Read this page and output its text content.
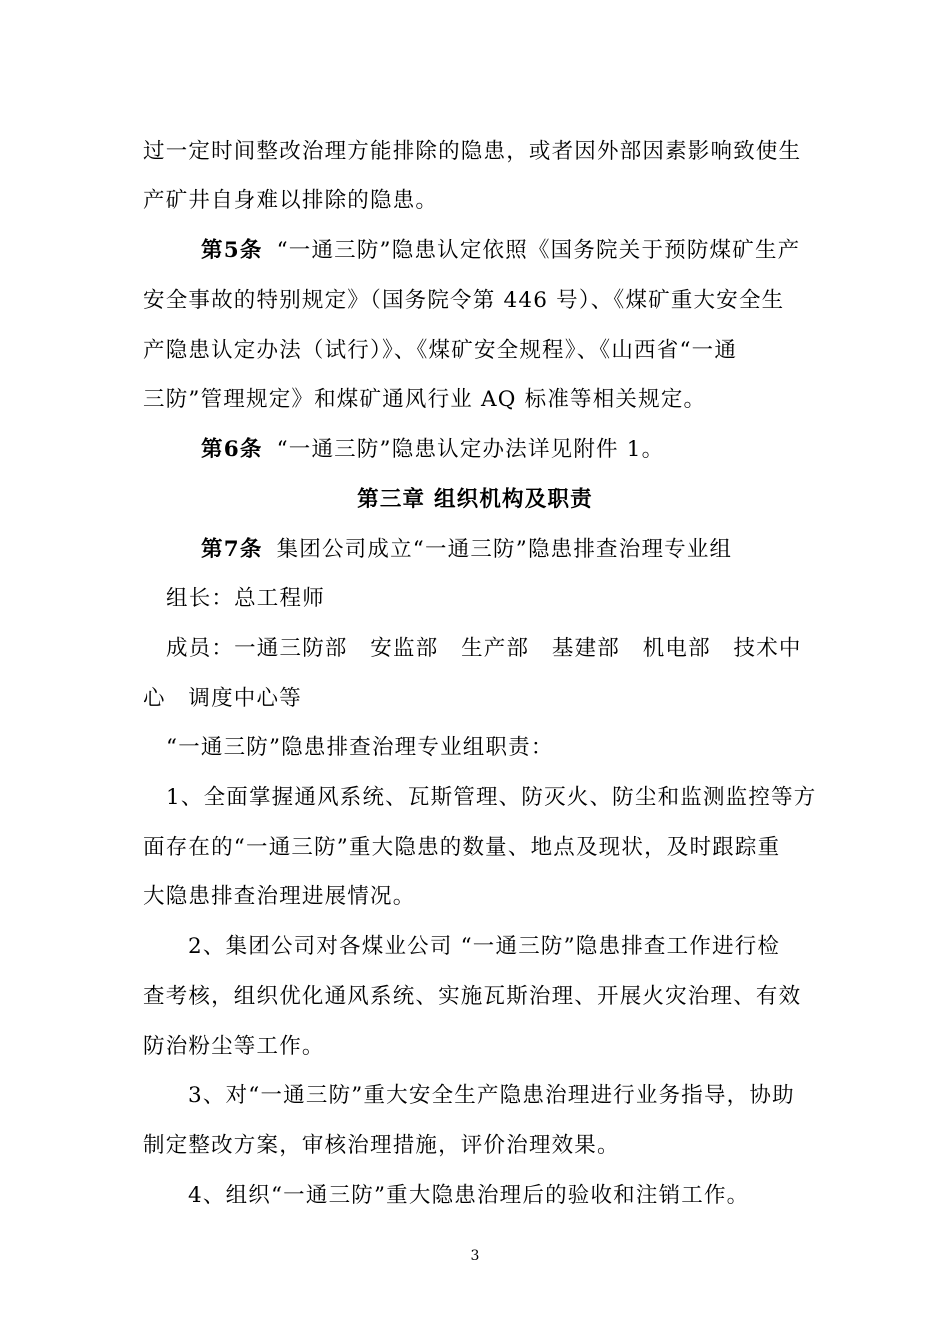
过一定时间整改治理方能排除的隐患，或者因外部因素影响致使生
产矿井自身难以排除的隐患。
第5条 “一通三防”隐患认定依照《国务院关于预防煤矿生产
安全事故的特别规定》（国务院令第 446 号）、《煤矿重大安全生
产隐患认定办法（试行）》、《煤矿安全规程》、《山西省“一通
三防”管理规定》和煤矿通风行业 AQ 标准等相关规定。
第6条 “一通三防”隐患认定办法详见附件 1。
第三章 组织机构及职责
第7条 集团公司成立“一通三防”隐患排查治理专业组
组长：总工程师
成员：一通三防部　安监部　生产部　基建部　机电部　技术中
心　调度中心等
“一通三防”隐患排查治理专业组职责：
1、全面掌握通风系统、瓦斯管理、防灭火、防尘和监测监控等方
面存在的“一通三防”重大隐患的数量、地点及现状，及时跟踪重
大隐患排查治理进展情况。
2、集团公司对各煤业公司 “一通三防”隐患排查工作进行检
查考核，组织优化通风系统、实施瓦斯治理、开展火灾治理、有效
防治粉尘等工作。
3、对“一通三防”重大安全生产隐患治理进行业务指导，协助
制定整改方案，审核治理措施，评价治理效果。
4、组织“一通三防”重大隐患治理后的验收和注销工作。
3
